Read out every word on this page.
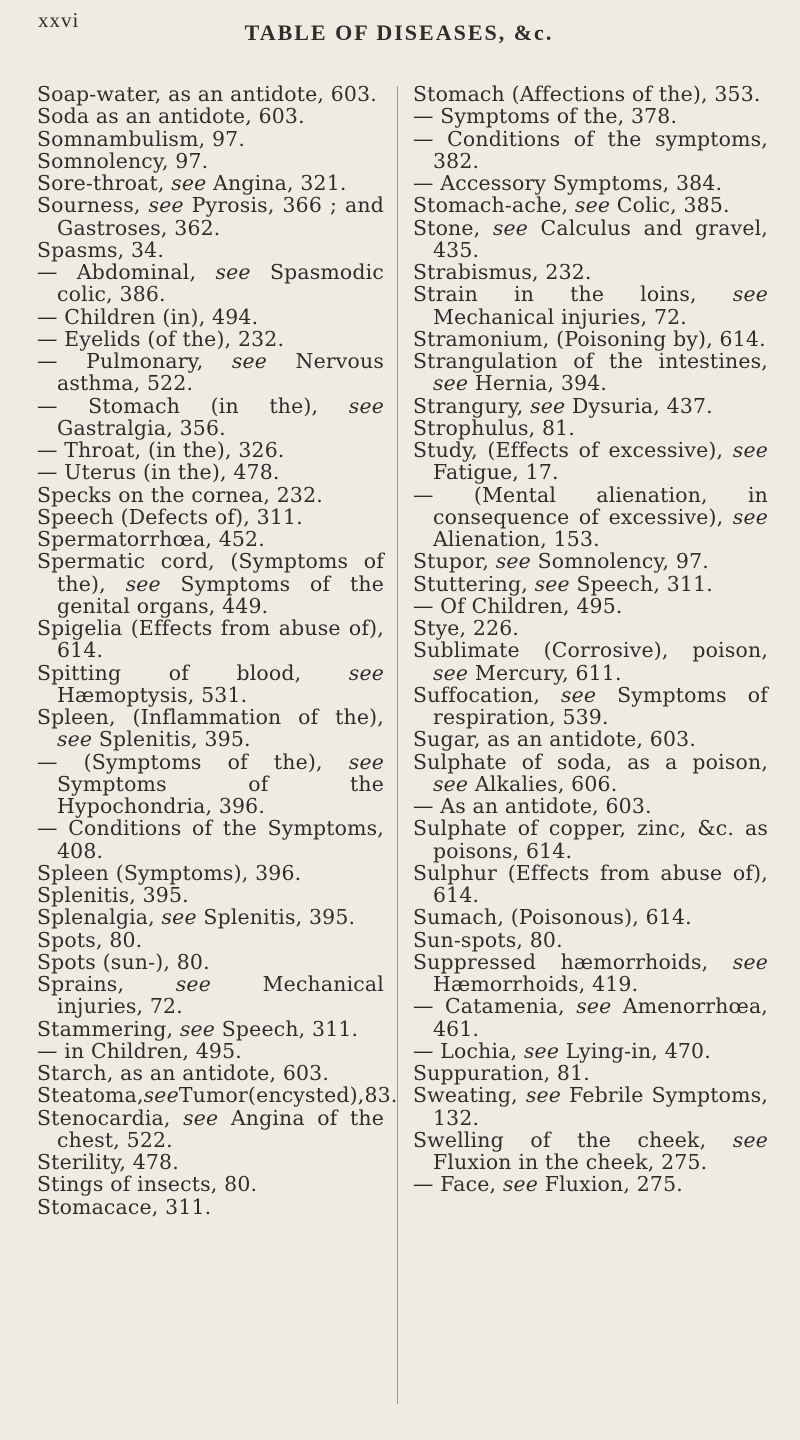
xxvi	TABLE OF DISEASES, &c.

Soap-water, as an antidote, 603.

Soda as an antidote, 603.

Somnambulism, 97.

Somnolency, 97.

Sore-throat, see Angina, 321.

Sourness, see Pyrosis, 366 ; and Gastroses, 362.

Spasms, 34.

— Abdominal, see Spasmodic colic, 386.

— Children (in), 494.

— Eyelids (of the), 232.

— Pulmonary, see Nervous asthma, 522.

— Stomach (in the), see Gastralgia, 356.

— Throat, (in the), 326.

— Uterus (in the), 478.

Specks on the cornea, 232.

Speech (Defects of), 311.

Spermatorrhœa, 452.

Spermatic cord, (Symptoms of the), see Symptoms of the genital organs, 449.

Spigelia (Effects from abuse of), 614.

Spitting of blood, see Hæmoptysis, 531.

Spleen, (Inflammation of the), see Splenitis, 395.

— (Symptoms of the), see Symptoms of the Hypochondria, 396.

— Conditions of the Symptoms, 408.

Spleen (Symptoms), 396.

Splenitis, 395.

Splenalgia, see Splenitis, 395.

Spots, 80.

Spots (sun-), 80.

Sprains, see Mechanical injuries, 72.

Stammering, see Speech, 311.

— in Children, 495.

Starch, as an antidote, 603.

Steatoma,seeTumor(encysted),83.

Stenocardia, see Angina of the chest, 522.

Sterility, 478.

Stings of insects, 80.

Stomacace, 311.

Stomach (Affections of the), 353.

— Symptoms of the, 378.

— Conditions of the symptoms, 382.

— Accessory Symptoms, 384.

Stomach-ache, see Colic, 385.

Stone, see Calculus and gravel, 435.

Strabismus, 232.

Strain in the loins, see Mechanical injuries, 72.

Stramonium, (Poisoning by), 614.

Strangulation of the intestines, see Hernia, 394.

Strangury, see Dysuria, 437.

Strophulus, 81.

Study, (Effects of excessive), see Fatigue, 17.

— (Mental alienation, in consequence of excessive), see Alienation, 153.

Stupor, see Somnolency, 97.

Stuttering, see Speech, 311.

— Of Children, 495.

Stye, 226.

Sublimate (Corrosive), poison, see Mercury, 611.

Suffocation, see Symptoms of respiration, 539.

Sugar, as an antidote, 603.

Sulphate of soda, as a poison, see Alkalies, 606.

— As an antidote, 603.

Sulphate of copper, zinc, &c. as poisons, 614.

Sulphur (Effects from abuse of), 614.

Sumach, (Poisonous), 614.

Sun-spots, 80.

Suppressed hæmorrhoids, see Hæmorrhoids, 419.

— Catamenia, see Amenorrhœa, 461.

— Lochia, see Lying-in, 470.

Suppuration, 81.

Sweating, see Febrile Symptoms, 132.

Swelling of the cheek, see Fluxion in the cheek, 275.

— Face, see Fluxion, 275.
